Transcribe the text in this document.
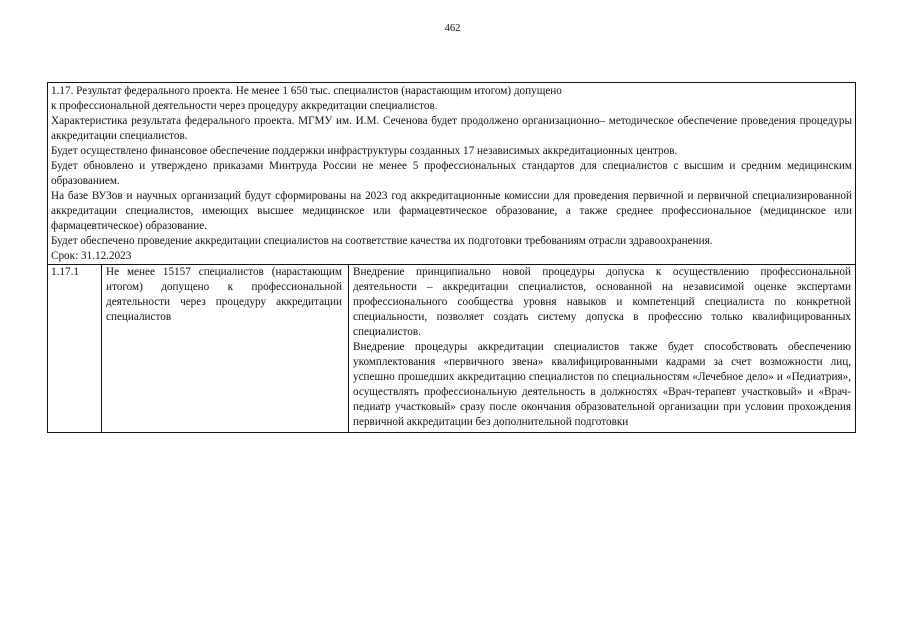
462

1.17. Результат федерального проекта. Не менее 1 650 тыс. специалистов (нарастающим итогом) допущено

к профессиональной деятельности через процедуру аккредитации специалистов.

Характеристика результата федерального проекта. МГМУ им. И.М. Сеченова будет продолжено организационно– методическое обеспечение проведения процедуры аккредитации специалистов.

Будет осуществлено финансовое обеспечение поддержки инфраструктуры созданных 17 независимых аккредитационных центров.

Будет обновлено и утверждено приказами Минтруда России не менее 5 профессиональных стандартов для специалистов с высшим и средним медицинским образованием.

На базе ВУЗов и научных организаций будут сформированы на 2023 год аккредитационные комиссии для проведения первичной и первичной специализированной аккредитации специалистов, имеющих высшее медицинское или фармацевтическое образование, а также среднее профессиональное (медицинское или фармацевтическое) образование.

Будет обеспечено проведение аккредитации специалистов на соответствие качества их подготовки требованиям отрасли здравоохранения.

Срок: 31.12.2023

1.17.1	Не менее 15157 специалистов (нарастающим итогом) допущено к профессиональной деятельности через процедуру аккредитации специалистов

Внедрение принципиально новой процедуры допуска к осуществлению профессиональной деятельности – аккредитации специалистов, основанной на независимой оценке экспертами профессионального сообщества уровня навыков и компетенций специалиста по конкретной специальности, позволяет создать систему допуска в профессию только квалифицированных специалистов.

Внедрение процедуры аккредитации специалистов также будет способствовать обеспечению укомплектования «первичного звена» квалифицированными кадрами за счет возможности лиц, успешно прошедших аккредитацию специалистов по специальностям «Лечебное дело» и «Педиатрия», осуществлять профессиональную деятельность в должностях «Врач-терапевт участковый» и «Врач-педиатр участковый» сразу после окончания образовательной организации при условии прохождения первичной аккредитации без дополнительной подготовки
